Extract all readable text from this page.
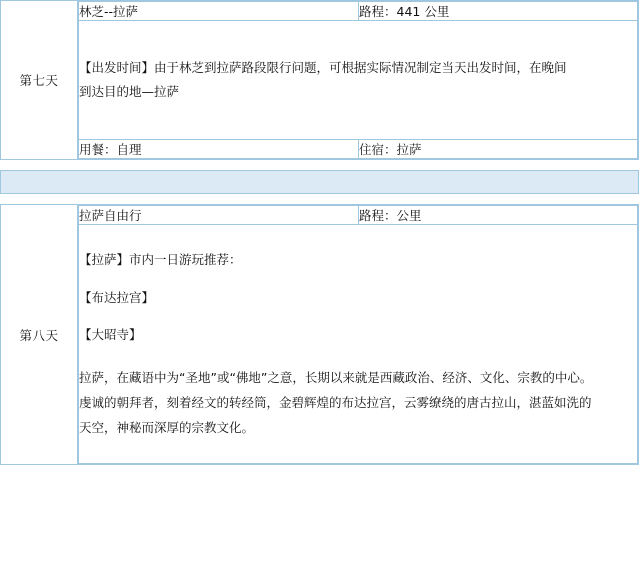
第七天	
林芝--拉萨	路程：441 公里

【出发时间】由于林芝到拉萨路段限行问题，可根据实际情况制定当天出发时间，在晚间

到达目的地—拉萨

用餐：自理	住宿：拉萨
第八天	
拉萨自由行	路程：公里

【拉萨】市内一日游玩推荐：

【布达拉宫】

【大昭寺】

拉萨，在藏语中为“圣地”或“佛地”之意，长期以来就是西藏政治、经济、文化、宗教的中心。

虔诚的朝拜者，刻着经文的转经筒，金碧辉煌的布达拉宫，云雾缭绕的唐古拉山，湛蓝如洗的

天空，神秘而深厚的宗教文化。
